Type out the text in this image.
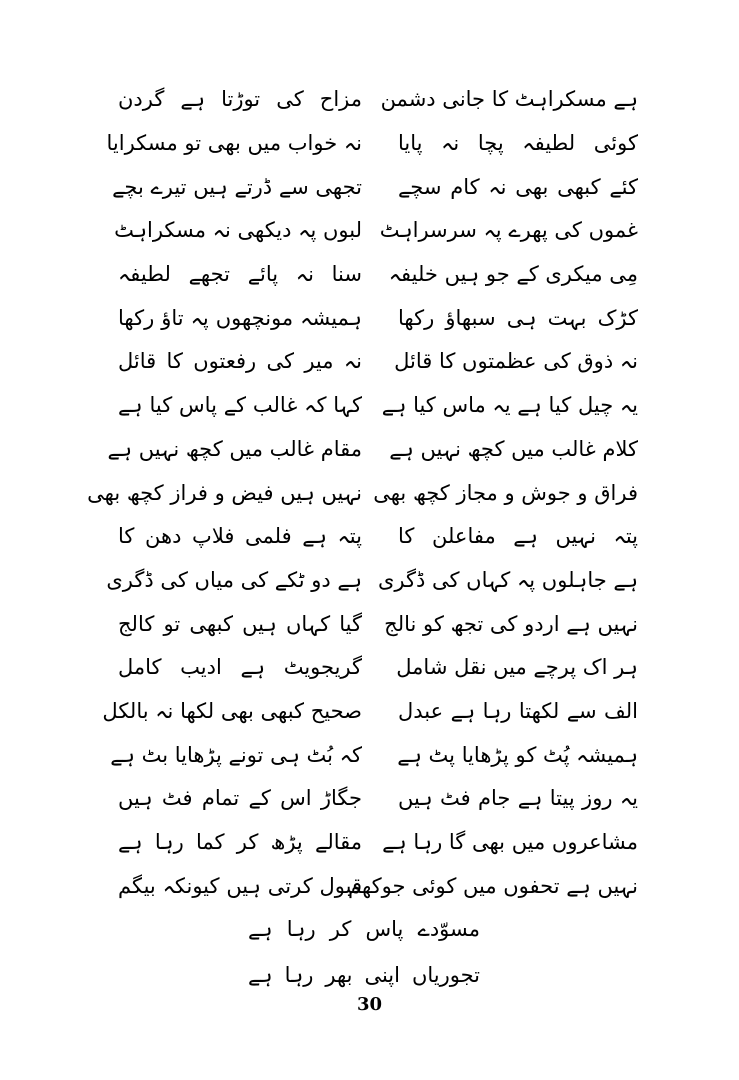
ہے مسکراہٹ کا جانی دشمن
مزاح کی توڑتا ہے گردن
کوئی لطیفہ پچا نہ پایا
نہ خواب میں بھی تو مسکرایا
کئے کبھی بھی نہ کام سچے
تجھی سے ڈرتے ہیں تیرے بچے
غموں کی پھرے پہ سرسراہٹ
لبوں پہ دیکھی نہ مسکراہٹ
مِی میکری کے جو ہیں خلیفہ
سنا نہ پائے تجھے لطیفہ
کڑک بہت ہی سبھاؤ رکھا
ہمیشہ مونچھوں پہ تاؤ رکھا
نہ ذوق کی عظمتوں کا قائل
نہ میر کی رفعتوں کا قائل
یہ چیل کیا ہے یہ ماس کیا ہے
کہا کہ غالب کے پاس کیا ہے
کلام غالب میں کچھ نہیں ہے
مقام غالب میں کچھ نہیں ہے
فراق و جوش و مجاز کچھ بھی
نہیں ہیں فیض و فراز کچھ بھی
پتہ نہیں ہے مفاعلن کا
پتہ ہے فلمی فلاپ دھن کا
ہے جاہلوں پہ کہاں کی ڈگری
ہے دو ٹکے کی میاں کی ڈگری
نہیں ہے اردو کی تجھ کو نالج
گیا کہاں ہیں کبھی تو کالج
ہر اک پرچے میں نقل شامل
گریجویٹ ہے ادیب کامل
الف سے لکھتا رہا ہے عبدل
صحیح کبھی بھی لکھا نہ بالکل
ہمیشہ پُٹ کو پڑھایا پٹ ہے
کہ بُٹ ہی تونے پڑھایا بٹ ہے
یہ روز پیتا ہے جام فٹ ہیں
جگاڑ اس کے تمام فٹ ہیں
مشاعروں میں بھی گا رہا ہے
مقالے پڑھ کر کما رہا ہے
نہیں ہے تحفوں میں کوئی جوکھم
قبول کرتی ہیں کیونکہ بیگم
مسوّدے پاس کر رہا ہے
تجوریاں اپنی بھر رہا ہے
30
